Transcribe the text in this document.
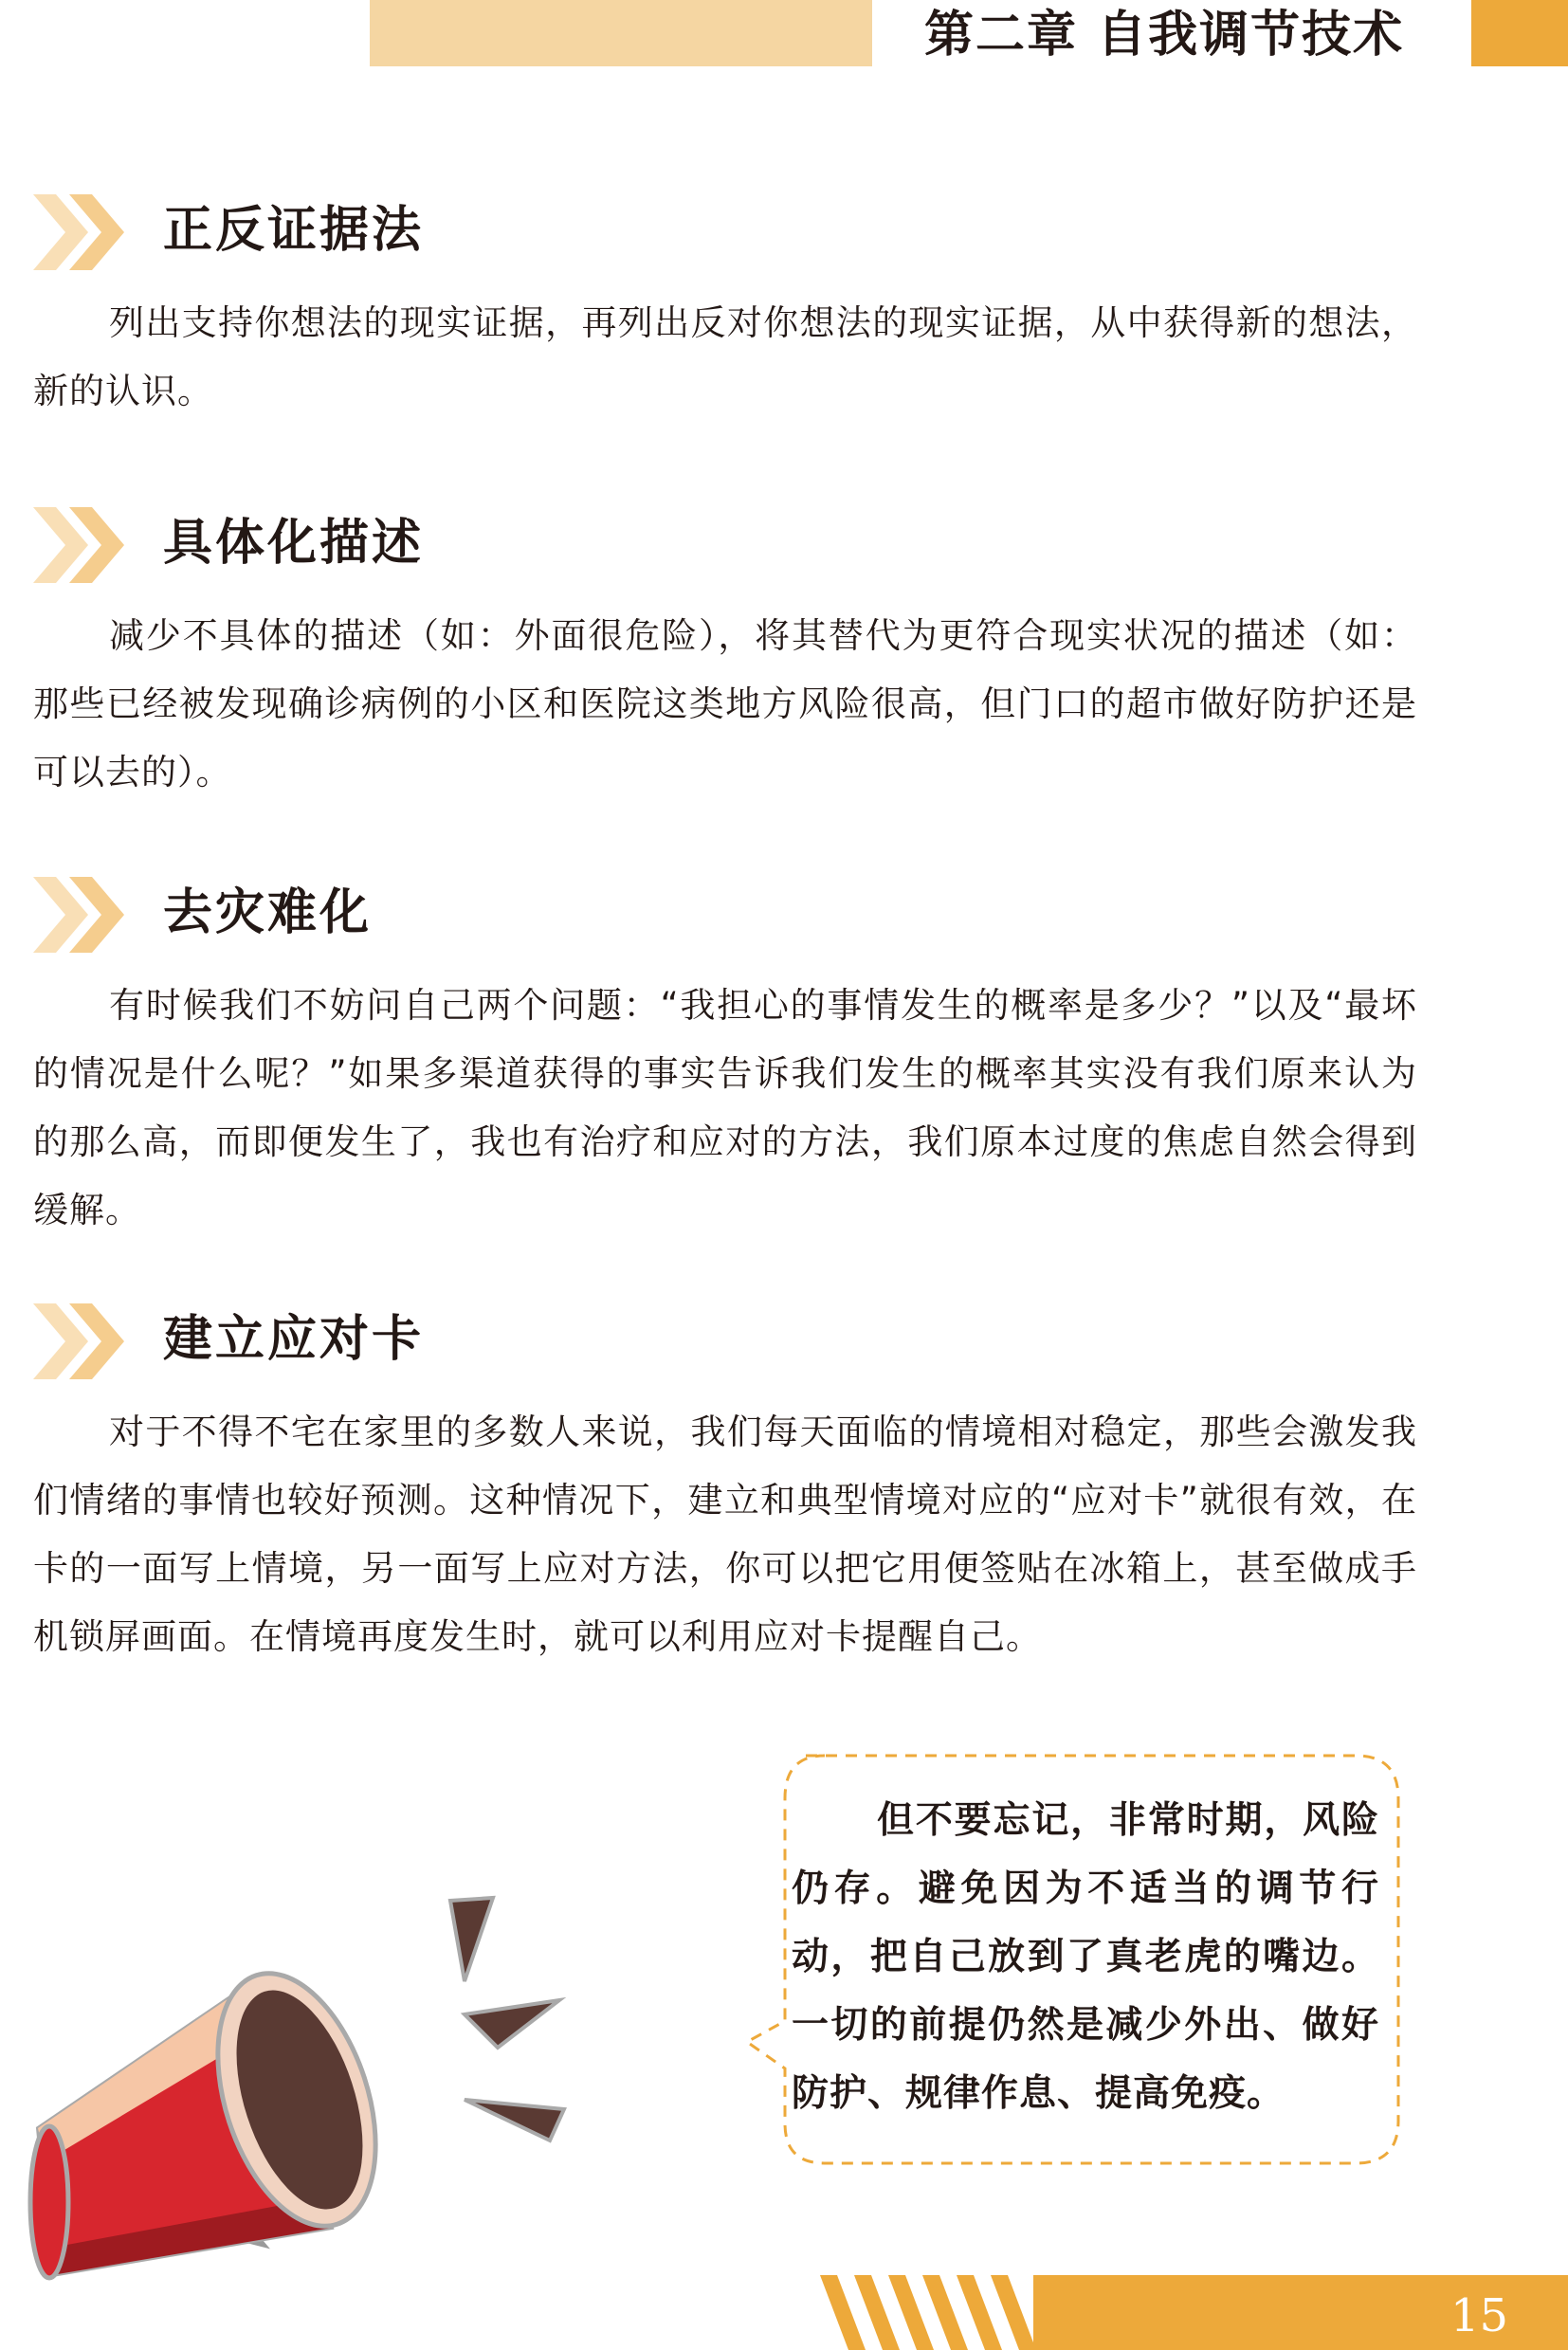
第二章 自我调节技术
正反证据法

列出支持你想法的现实证据，再列出反对你想法的现实证据，从中获得新的想法，新的认识。

具体化描述

减少不具体的描述（如：外面很危险），将其替代为更符合现实状况的描述（如：那些已经被发现确诊病例的小区和医院这类地方风险很高，但门口的超市做好防护还是可以去的）。

去灾难化

有时候我们不妨问自己两个问题：“我担心的事情发生的概率是多少？”以及“最坏的情况是什么呢？”如果多渠道获得的事实告诉我们发生的概率其实没有我们原来认为的那么高，而即便发生了，我也有治疗和应对的方法，我们原本过度的焦虑自然会得到缓解。

建立应对卡

对于不得不宅在家里的多数人来说，我们每天面临的情境相对稳定，那些会激发我们情绪的事情也较好预测。这种情况下，建立和典型情境对应的“应对卡”就很有效，在卡的一面写上情境，另一面写上应对方法，你可以把它用便签贴在冰箱上，甚至做成手机锁屏画面。在情境再度发生时，就可以利用应对卡提醒自己。

但不要忘记，非常时期，风险仍存。避免因为不适当的调节行动，把自己放到了真老虎的嘴边。一切的前提仍然是减少外出、做好防护、规律作息、提高免疫。

15
